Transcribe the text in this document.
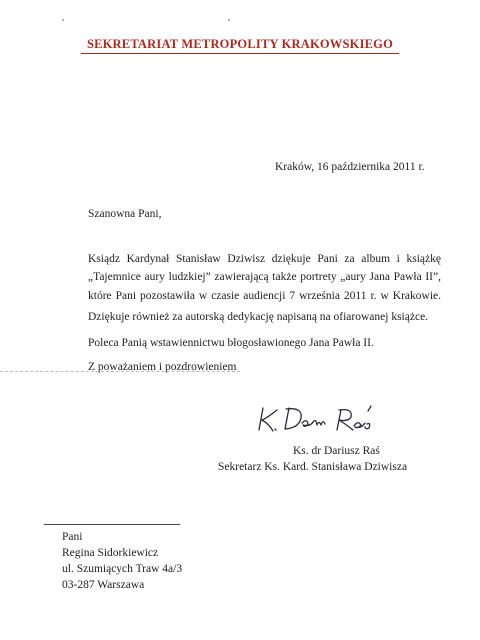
SEKRETARIAT METROPOLITY KRAKOWSKIEGO
Kraków, 16 października 2011 r.
Szanowna Pani,
Ksiądz Kardynał Stanisław Dziwisz dziękuje Pani za album i książkę
„Tajemnice aury ludzkiej” zawierającą także portrety „aury Jana Pawła II”,
które Pani pozostawiła w czasie audiencji 7 września 2011 r. w Krakowie.
Dziękuje również za autorską dedykację napisaną na ofiarowanej książce.
Poleca Panią wstawiennictwu błogosławionego Jana Pawła II.
Z poważaniem i pozdrowieniem
Ks. dr Dariusz Raś
Sekretarz Ks. Kard. Stanisława Dziwisza
Pani
Regina Sidorkiewicz
ul. Szumiących Traw 4a/3
03-287 Warszawa
